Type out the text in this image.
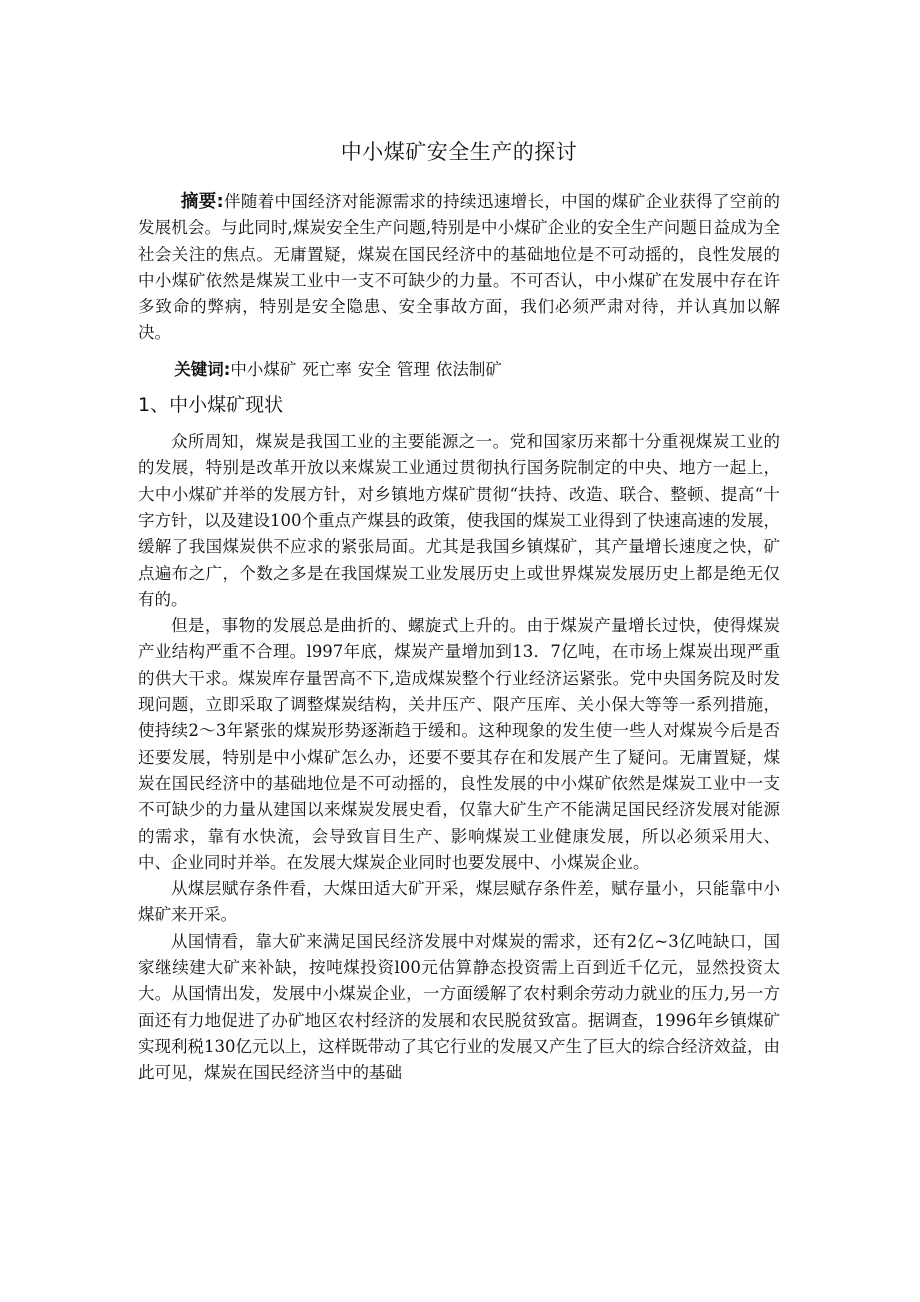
中小煤矿安全生产的探讨

摘要:伴随着中国经济对能源需求的持续迅速增长，中国的煤矿企业获得了空前的发展机会。与此同时,煤炭安全生产问题,特别是中小煤矿企业的安全生产问题日益成为全社会关注的焦点。无庸置疑，煤炭在国民经济中的基础地位是不可动摇的，良性发展的中小煤矿依然是煤炭工业中一支不可缺少的力量。不可否认，中小煤矿在发展中存在许多致命的弊病，特别是安全隐患、安全事故方面，我们必须严肃对待，并认真加以解决。

关键词:中小煤矿 死亡率 安全 管理 依法制矿

1、中小煤矿现状

众所周知，煤炭是我国工业的主要能源之一。党和国家历来都十分重视煤炭工业的的发展，特别是改革开放以来煤炭工业通过贯彻执行国务院制定的中央、地方一起上，大中小煤矿并举的发展方针，对乡镇地方煤矿贯彻“扶持、改造、联合、整顿、提高“十字方针，以及建设100个重点产煤县的政策，使我国的煤炭工业得到了快速高速的发展，缓解了我国煤炭供不应求的紧张局面。尤其是我国乡镇煤矿，其产量增长速度之快，矿点遍布之广，个数之多是在我国煤炭工业发展历史上或世界煤炭发展历史上都是绝无仅有的。

但是，事物的发展总是曲折的、螺旋式上升的。由于煤炭产量增长过快，使得煤炭产业结构严重不合理。l997年底，煤炭产量增加到13．7亿吨，在市场上煤炭出现严重的供大干求。煤炭库存量罟高不下,造成煤炭整个行业经济运紧张。党中央国务院及时发现问题，立即采取了调整煤炭结构，关井压产、限产压库、关小保大等等一系列措施，使持续2～3年紧张的煤炭形势逐渐趋于缓和。这种现象的发生使一些人对煤炭今后是否还要发展，特别是中小煤矿怎么办，还要不要其存在和发展产生了疑问。无庸置疑，煤炭在国民经济中的基础地位是不可动摇的，良性发展的中小煤矿依然是煤炭工业中一支不可缺少的力量从建国以来煤炭发展史看，仅靠大矿生产不能满足国民经济发展对能源的需求，靠有水快流，会导致盲目生产、影响煤炭工业健康发展，所以必须采用大、中、企业同时并举。在发展大煤炭企业同时也要发展中、小煤炭企业。

从煤层赋存条件看，大煤田适大矿开采，煤层赋存条件差，赋存量小，只能靠中小煤矿来开采。

从国情看，靠大矿来满足国民经济发展中对煤炭的需求，还有2亿~3亿吨缺口，国家继续建大矿来补缺，按吨煤投资l00元估算静态投资需上百到近千亿元，显然投资太大。从国情出发，发展中小煤炭企业，一方面缓解了农村剩余劳动力就业的压力,另一方面还有力地促进了办矿地区农村经济的发展和农民脱贫致富。据调查，1996年乡镇煤矿实现利税130亿元以上，这样既带动了其它行业的发展又产生了巨大的综合经济效益，由此可见，煤炭在国民经济当中的基础
